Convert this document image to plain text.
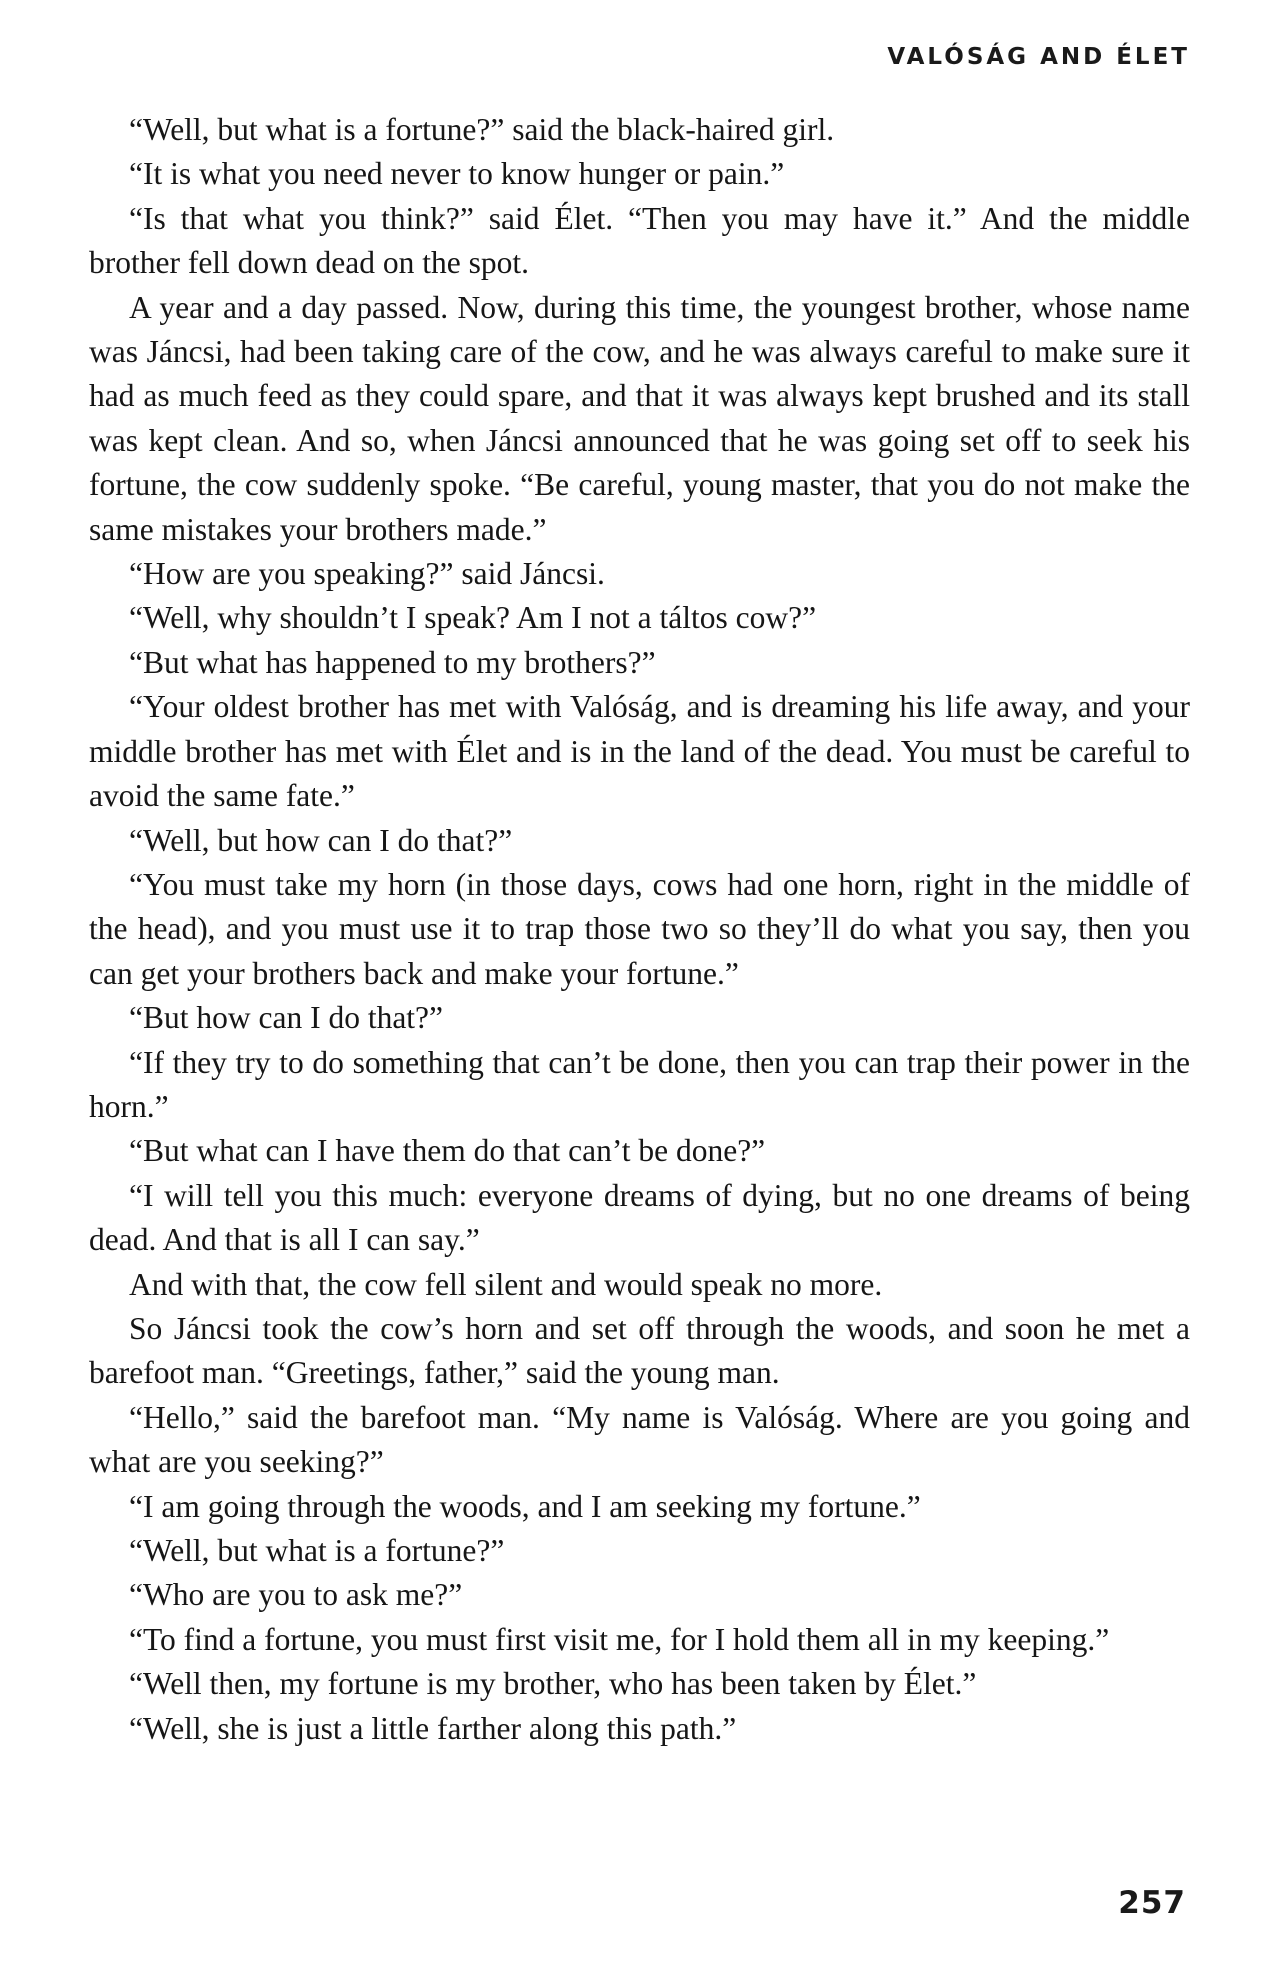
VALÓSÁG AND ÉLET

“Well, but what is a fortune?” said the black-haired girl.

“It is what you need never to know hunger or pain.”

“Is that what you think?” said Élet. “Then you may have it.” And the middle brother fell down dead on the spot.

A year and a day passed. Now, during this time, the youngest brother, whose name was Jáncsi, had been taking care of the cow, and he was always careful to make sure it had as much feed as they could spare, and that it was always kept brushed and its stall was kept clean. And so, when Jáncsi announced that he was going set off to seek his fortune, the cow suddenly spoke. “Be careful, young master, that you do not make the same mistakes your brothers made.”

“How are you speaking?” said Jáncsi.

“Well, why shouldn’t I speak? Am I not a táltos cow?”

“But what has happened to my brothers?”

“Your oldest brother has met with Valóság, and is dreaming his life away, and your middle brother has met with Élet and is in the land of the dead. You must be careful to avoid the same fate.”

“Well, but how can I do that?”

“You must take my horn (in those days, cows had one horn, right in the middle of the head), and you must use it to trap those two so they’ll do what you say, then you can get your brothers back and make your fortune.”

“But how can I do that?”

“If they try to do something that can’t be done, then you can trap their power in the horn.”

“But what can I have them do that can’t be done?”

“I will tell you this much: everyone dreams of dying, but no one dreams of being dead. And that is all I can say.”

And with that, the cow fell silent and would speak no more.

So Jáncsi took the cow’s horn and set off through the woods, and soon he met a barefoot man. “Greetings, father,” said the young man.

“Hello,” said the barefoot man. “My name is Valóság. Where are you going and what are you seeking?”

“I am going through the woods, and I am seeking my fortune.”

“Well, but what is a fortune?”

“Who are you to ask me?”

“To find a fortune, you must first visit me, for I hold them all in my keeping.”

“Well then, my fortune is my brother, who has been taken by Élet.”

“Well, she is just a little farther along this path.”

257
